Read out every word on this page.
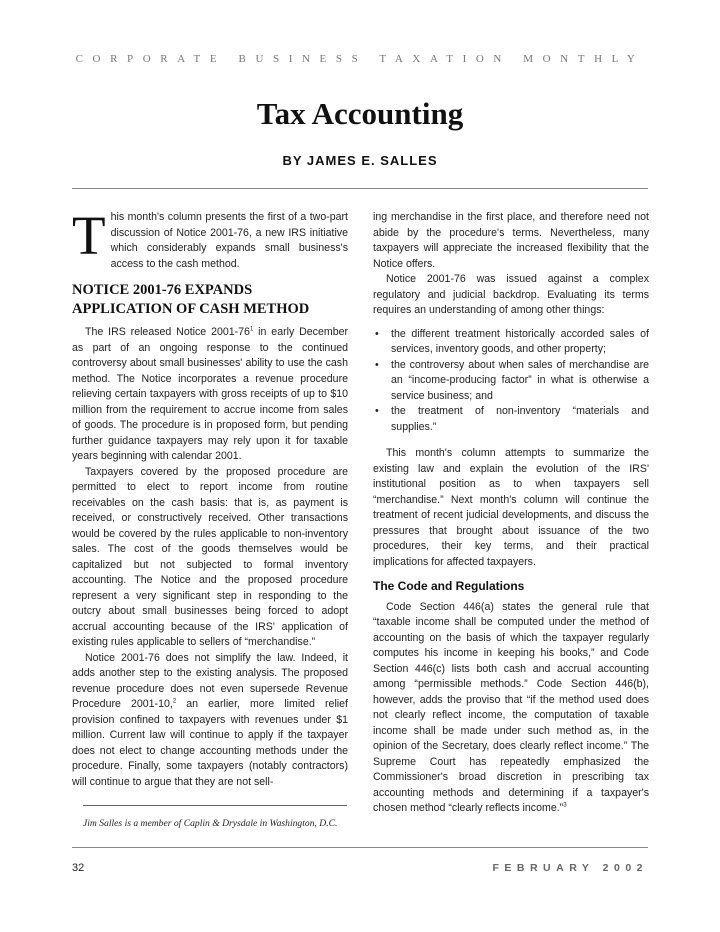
CORPORATE BUSINESS TAXATION MONTHLY
Tax Accounting
BY JAMES E. SALLES

This month's column presents the first of a two-part discussion of Notice 2001-76, a new IRS initiative which considerably expands small business's access to the cash method.

NOTICE 2001-76 EXPANDS APPLICATION OF CASH METHOD

The IRS released Notice $2001-76^1$ in early December as part of an ongoing response to the continued controversy about small businesses' ability to use the cash method. The Notice incorporates a revenue procedure relieving certain taxpayers with gross receipts of up to $10 million from the requirement to accrue income from sales of goods. The procedure is in proposed form, but pending further guidance taxpayers may rely upon it for taxable years beginning with calendar 2001.

Taxpayers covered by the proposed procedure are permitted to elect to report income from routine receivables on the cash basis: that is, as payment is received, or constructively received. Other transactions would be covered by the rules applicable to non-inventory sales. The cost of the goods themselves would be capitalized but not subjected to formal inventory accounting. The Notice and the proposed procedure represent a very significant step in responding to the outcry about small businesses being forced to adopt accrual accounting because of the IRS' application of existing rules applicable to sellers of “merchandise.”

Notice 2001-76 does not simplify the law. Indeed, it adds another step to the existing analysis. The proposed revenue procedure does not even supersede Revenue Procedure 2001-10,$^2$ an earlier, more limited relief provision confined to taxpayers with revenues under $1 million. Current law will continue to apply if the taxpayer does not elect to change accounting methods under the procedure. Finally, some taxpayers (notably contractors) will continue to argue that they are not sell-

ing merchandise in the first place, and therefore need not abide by the procedure's terms. Nevertheless, many taxpayers will appreciate the increased flexibility that the Notice offers.

Notice 2001-76 was issued against a complex regulatory and judicial backdrop. Evaluating its terms requires an understanding of among other things:

• the different treatment historically accorded sales of services, inventory goods, and other property;
• the controversy about when sales of merchandise are an “income-producing factor” in what is otherwise a service business; and
• the treatment of non-inventory “materials and supplies.”

This month's column attempts to summarize the existing law and explain the evolution of the IRS' institutional position as to when taxpayers sell “merchandise.” Next month's column will continue the treatment of recent judicial developments, and discuss the pressures that brought about issuance of the two procedures, their key terms, and their practical implications for affected taxpayers.

The Code and Regulations

Code Section 446(a) states the general rule that “taxable income shall be computed under the method of accounting on the basis of which the taxpayer regularly computes his income in keeping his books,” and Code Section 446(c) lists both cash and accrual accounting among “permissible methods.” Code Section 446(b), however, adds the proviso that “if the method used does not clearly reflect income, the computation of taxable income shall be made under such method as, in the opinion of the Secretary, does clearly reflect income.” The Supreme Court has repeatedly emphasized the Commissioner's broad discretion in prescribing tax accounting methods and determining if a taxpayer's chosen method “clearly reflects income.”$^3$

Jim Salles is a member of Caplin & Drysdale in Washington, D.C.
32	FEBRUARY 2002
